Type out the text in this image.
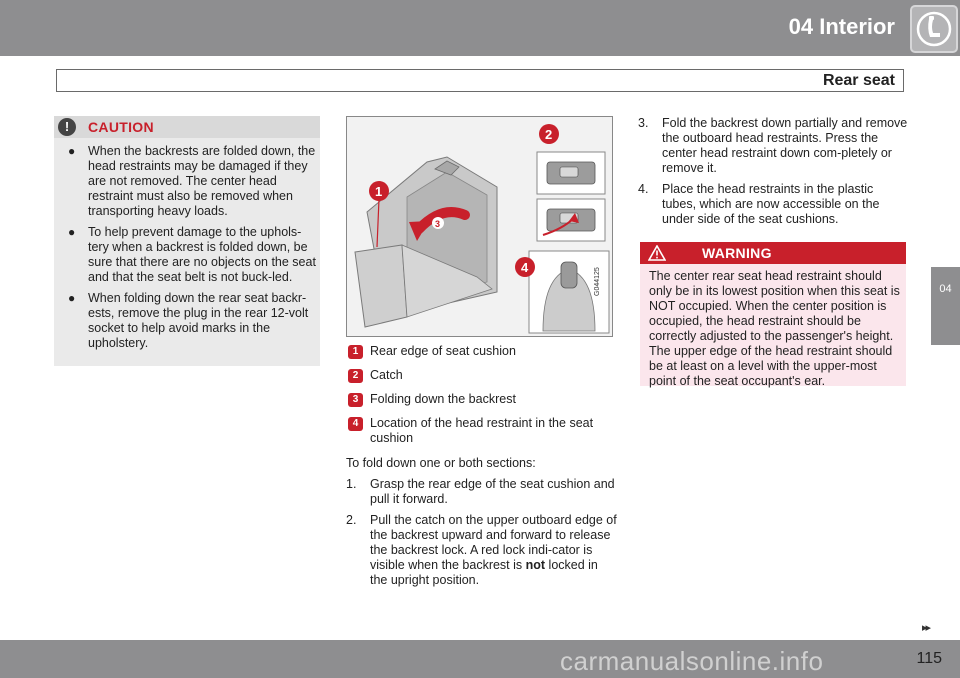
04 Interior
Rear seat
04
!	CAUTION
● When the backrests are folded down, the head restraints may be damaged if they are not removed. The center head restraint must also be removed when transporting heavy loads.
● To help prevent damage to the uphols-tery when a backrest is folded down, be sure that there are no objects on the seat and that the seat belt is not buck-led.
● When folding down the rear seat backr-ests, remove the plug in the rear 12-volt socket to help avoid marks in the upholstery.
3
1
2
4	G044125
1 Rear edge of seat cushion
2 Catch
3 Folding down the backrest
4 Location of the head restraint in the seat cushion
To fold down one or both sections:
1. Grasp the rear edge of the seat cushion and pull it forward.
2. Pull the catch on the upper outboard edge of the backrest upward and forward to release the backrest lock. A red lock indi-cator is visible when the backrest is not locked in the upright position.
3. Fold the backrest down partially and remove the outboard head restraints. Press the center head restraint down com-pletely or remove it.
4. Place the head restraints in the plastic tubes, which are now accessible on the under side of the seat cushions.
WARNING
The center rear seat head restraint should only be in its lowest position when this seat is NOT occupied. When the center position is occupied, the head restraint should be correctly adjusted to the passenger's height. The upper edge of the head restraint should be at least on a level with the upper-most point of the seat occupant's ear.
▸▸
carmanualsonline.info	115
